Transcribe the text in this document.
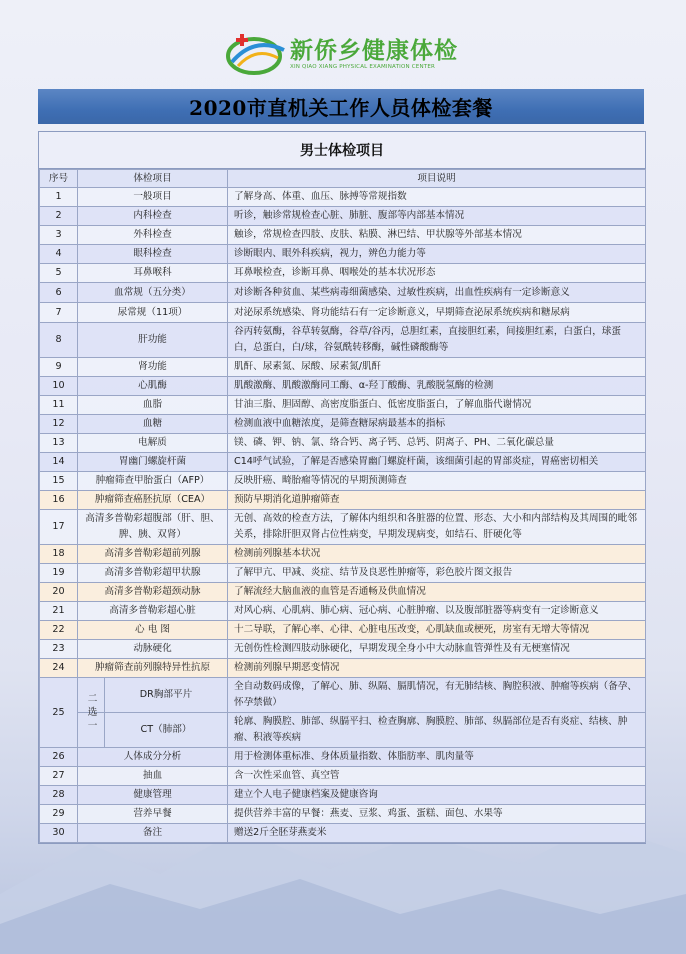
新侨乡健康体检
XIN QIAO XIANG PHYSICAL EXAMINATION CENTER
2020市直机关工作人员体检套餐
男士体检项目
序号	体检项目	项目说明
1	一般项目	了解身高、体重、血压、脉搏等常规指数
2	内科检查	听诊，触诊常规检查心脏、肺脏、腹部等内部基本情况
3	外科检查	触诊，常规检查四肢、皮肤、粘膜、淋巴结、甲状腺等外部基本情况
4	眼科检查	诊断眼内、眼外科疾病，视力，辨色力能力等
5	耳鼻喉科	耳鼻喉检查，诊断耳鼻、咽喉处的基本状况形态
6	血常规（五分类）	对诊断各种贫血、某些病毒细菌感染、过敏性疾病，出血性疾病有一定诊断意义
7	尿常规（11项）	对泌尿系统感染、肾功能结石有一定诊断意义，早期筛查泌尿系统疾病和糖尿病
8	肝功能	谷丙转氨酶，谷草转氨酶，谷草/谷丙，总胆红素，直接胆红素，间接胆红素，白蛋白，球蛋白，总蛋白，白/球，谷氨酰转移酶，碱性磷酸酶等
9	肾功能	肌酐、尿素氮、尿酸、尿素氮/肌酐
10	心肌酶	肌酸激酶、肌酸激酶同工酶、α-羟丁酸酶、乳酸脱氢酶的检测
11	血脂	甘油三脂、胆固醇、高密度脂蛋白、低密度脂蛋白，了解血脂代谢情况
12	血糖	检测血液中血糖浓度，是筛查糖尿病最基本的指标
13	电解质	镁、磷、钾、钠、氯、络合钙、离子钙、总钙、阴离子、PH、二氧化碳总量
14	胃幽门螺旋杆菌	C14呼气试验，了解是否感染胃幽门螺旋杆菌，该细菌引起的胃部炎症，胃癌密切相关
15	肿瘤筛查甲胎蛋白（AFP）	反映肝癌、畸胎瘤等情况的早期预测筛查
16	肿瘤筛查癌胚抗原（CEA）	预防早期消化道肿瘤筛查
17	高清多普勒彩超腹部（肝、胆、脾、胰、双肾）	无创、高效的检查方法，了解体内组织和各脏器的位置、形态、大小和内部结构及其周围的毗邻关系，排除肝胆双肾占位性病变，早期发现病变，如结石、肝硬化等
18	高清多普勒彩超前列腺	检测前列腺基本状况
19	高清多普勒彩超甲状腺	了解甲亢、甲减、炎症、结节及良恶性肿瘤等，彩色胶片图文报告
20	高清多普勒彩超颈动脉	了解流经大脑血液的血管是否通畅及供血情况
21	高清多普勒彩超心脏	对风心病、心肌病、肺心病、冠心病、心脏肿瘤、以及腹部脏器等病变有一定诊断意义
22	心 电 图	十二导联，了解心率、心律、心脏电压改变，心肌缺血或梗死，房室有无增大等情况
23	动脉硬化	无创伤性检测四肢动脉硬化，早期发现全身小中大动脉血管弹性及有无梗塞情况
24	肿瘤筛查前列腺特异性抗原	检测前列腺早期恶变情况
25	二选一 DR胸部平片	全自动数码成像，了解心、肺、纵隔、膈肌情况，有无肺结核、胸腔积液、肿瘤等疾病（备孕、怀孕禁做）

CT（肺部）	轮廓、胸膜腔、肺部、纵膈平扫、检查胸廓、胸膜腔、肺部、纵膈部位是否有炎症、结核、肿瘤、积液等疾病
26	人体成分分析	用于检测体重标准、身体质量指数、体脂肪率、肌肉量等
27	抽血	含一次性采血管、真空管
28	健康管理	建立个人电子健康档案及健康咨询
29	营养早餐	提供营养丰富的早餐：燕麦、豆浆、鸡蛋、蛋糕、面包、水果等
30	备注	赠送2斤全胚芽燕麦米
